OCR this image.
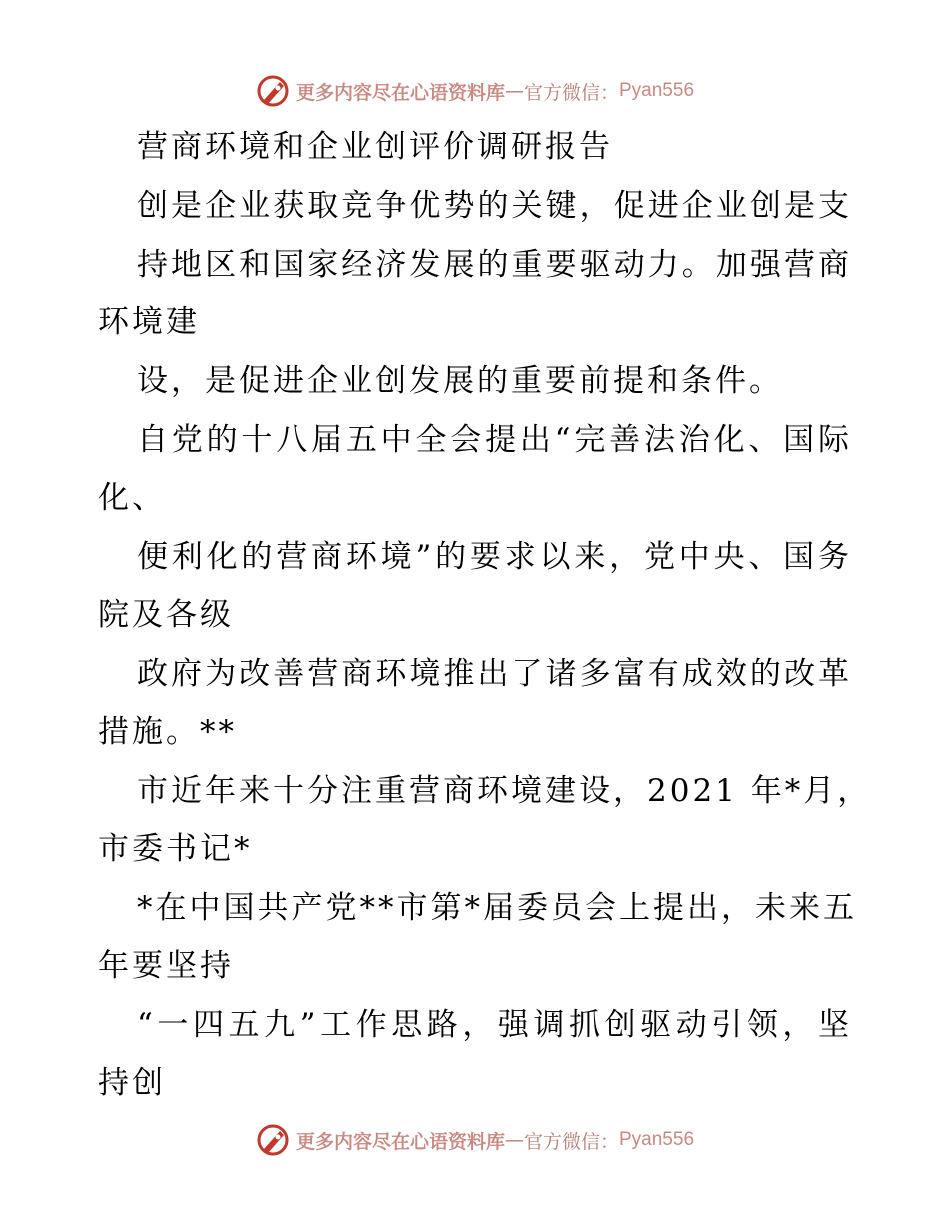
更多内容尽在心语资料库 — 官方微信： Pyan556
营商环境和企业创评价调研报告
创是企业获取竞争优势的关键，促进企业创是支
持地区和国家经济发展的重要驱动力。加强营商
环境建
设，是促进企业创发展的重要前提和条件。
自党的十八届五中全会提出“完善法治化、国际
化、
便利化的营商环境”的要求以来，党中央、国务
院及各级
政府为改善营商环境推出了诸多富有成效的改革
措施。**
市近年来十分注重营商环境建设，2021 年*月，
市委书记*
*在中国共产党**市第*届委员会上提出，未来五
年要坚持
“一四五九”工作思路，强调抓创驱动引领，坚
持创
更多内容尽在心语资料库 — 官方微信： Pyan556
